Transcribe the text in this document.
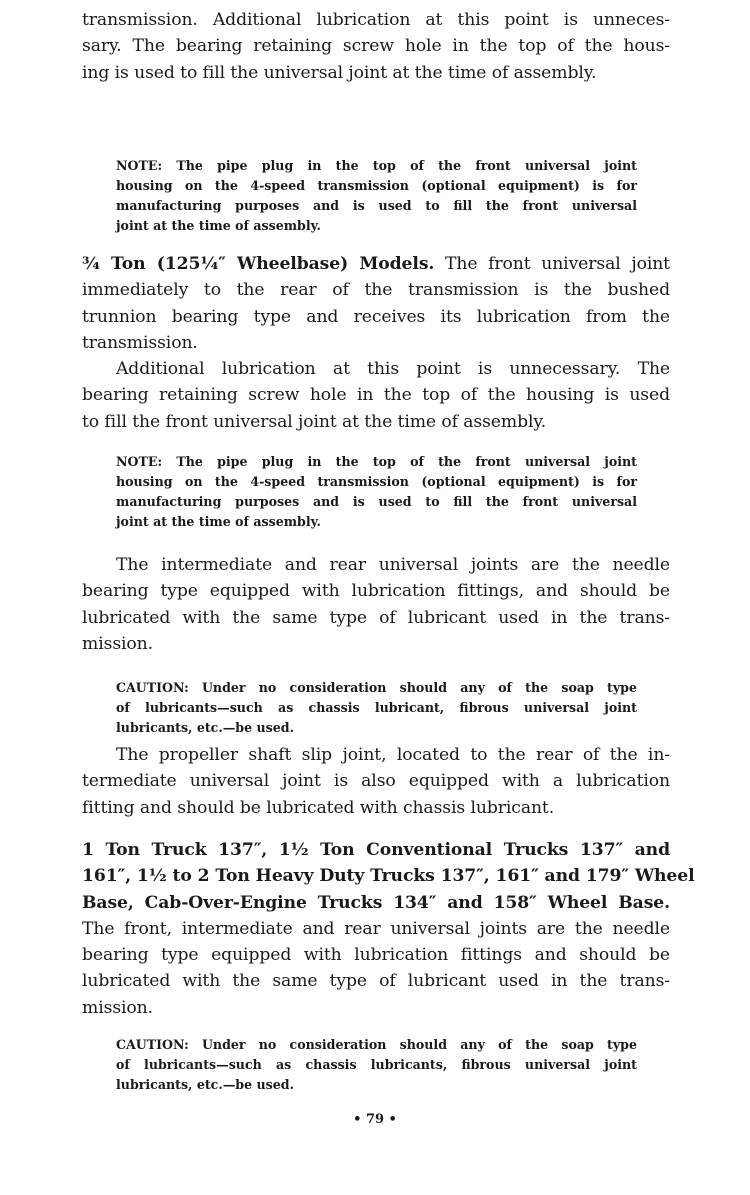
transmission. Additional lubrication at this point is unneces-
sary. The bearing retaining screw hole in the top of the hous-
ing is used to fill the universal joint at the time of assembly.
NOTE: The pipe plug in the top of the front universal joint
housing on the 4-speed transmission (optional equipment) is for
manufacturing purposes and is used to fill the front universal
joint at the time of assembly.
¾ Ton (125¼″ Wheelbase) Models. The front universal joint
immediately to the rear of the transmission is the bushed
trunnion bearing type and receives its lubrication from the
transmission.
Additional lubrication at this point is unnecessary. The
bearing retaining screw hole in the top of the housing is used
to fill the front universal joint at the time of assembly.
NOTE: The pipe plug in the top of the front universal joint
housing on the 4-speed transmission (optional equipment) is for
manufacturing purposes and is used to fill the front universal
joint at the time of assembly.
The intermediate and rear universal joints are the needle
bearing type equipped with lubrication fittings, and should be
lubricated with the same type of lubricant used in the trans-
mission.
CAUTION: Under no consideration should any of the soap type
of lubricants—such as chassis lubricant, fibrous universal joint
lubricants, etc.—be used.
The propeller shaft slip joint, located to the rear of the in-
termediate universal joint is also equipped with a lubrication
fitting and should be lubricated with chassis lubricant.
1 Ton Truck 137″, 1½ Ton Conventional Trucks 137″ and
161″, 1½ to 2 Ton Heavy Duty Trucks 137″, 161″ and 179″ Wheel
Base, Cab-Over-Engine Trucks 134″ and 158″ Wheel Base.
The front, intermediate and rear universal joints are the needle
bearing type equipped with lubrication fittings and should be
lubricated with the same type of lubricant used in the trans-
mission.
CAUTION: Under no consideration should any of the soap type
of lubricants—such as chassis lubricants, fibrous universal joint
lubricants, etc.—be used.
• 79 •
